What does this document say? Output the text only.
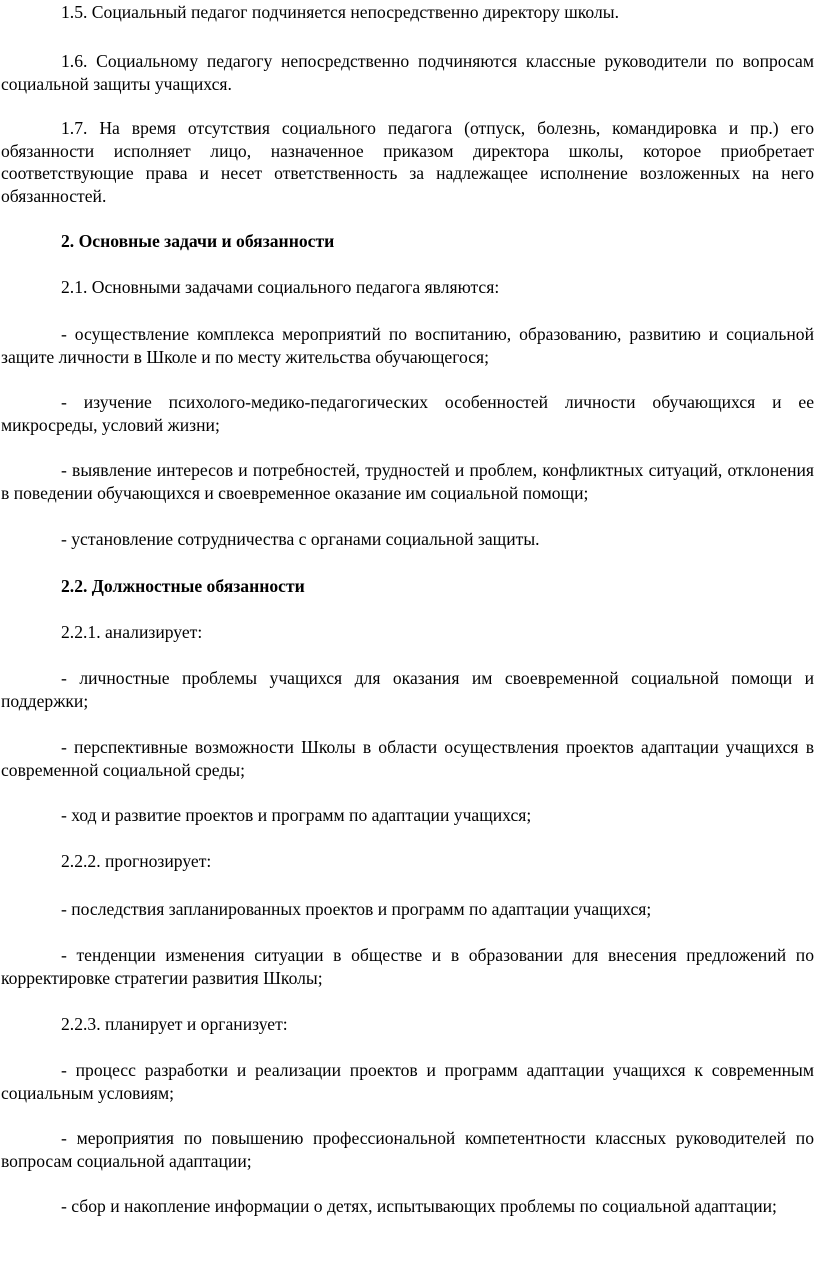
1.5. Социальный педагог подчиняется непосредственно директору школы.

1.6. Социальному педагогу непосредственно подчиняются классные руководители по вопросам социальной защиты учащихся.

1.7. На время отсутствия социального педагога (отпуск, болезнь, командировка и пр.) его обязанности исполняет лицо, назначенное приказом директора школы, которое приобретает соответствующие права и несет ответственность за надлежащее исполнение возложенных на него обязанностей.

2. Основные задачи и обязанности

2.1. Основными задачами социального педагога являются:

- осуществление комплекса мероприятий по воспитанию, образованию, развитию и социальной защите личности в Школе и по месту жительства обучающегося;

- изучение психолого-медико-педагогических особенностей личности обучающихся и ее микросреды, условий жизни;

- выявление интересов и потребностей, трудностей и проблем, конфликтных ситуаций, отклонения в поведении обучающихся и своевременное оказание им социальной помощи;

- установление сотрудничества с органами социальной защиты.

2.2. Должностные обязанности

2.2.1. анализирует:

- личностные проблемы учащихся для оказания им своевременной социальной помощи и поддержки;

- перспективные возможности Школы в области осуществления проектов адаптации учащихся в современной социальной среды;

- ход и развитие проектов и программ по адаптации учащихся;

2.2.2. прогнозирует:

- последствия запланированных проектов и программ по адаптации учащихся;

- тенденции изменения ситуации в обществе и в образовании для внесения предложений по корректировке стратегии развития Школы;

2.2.3. планирует и организует:

- процесс разработки и реализации проектов и программ адаптации учащихся к современным социальным условиям;

- мероприятия по повышению профессиональной компетентности классных руководителей по вопросам социальной адаптации;

- сбор и накопление информации о детях, испытывающих проблемы по социальной адаптации;
